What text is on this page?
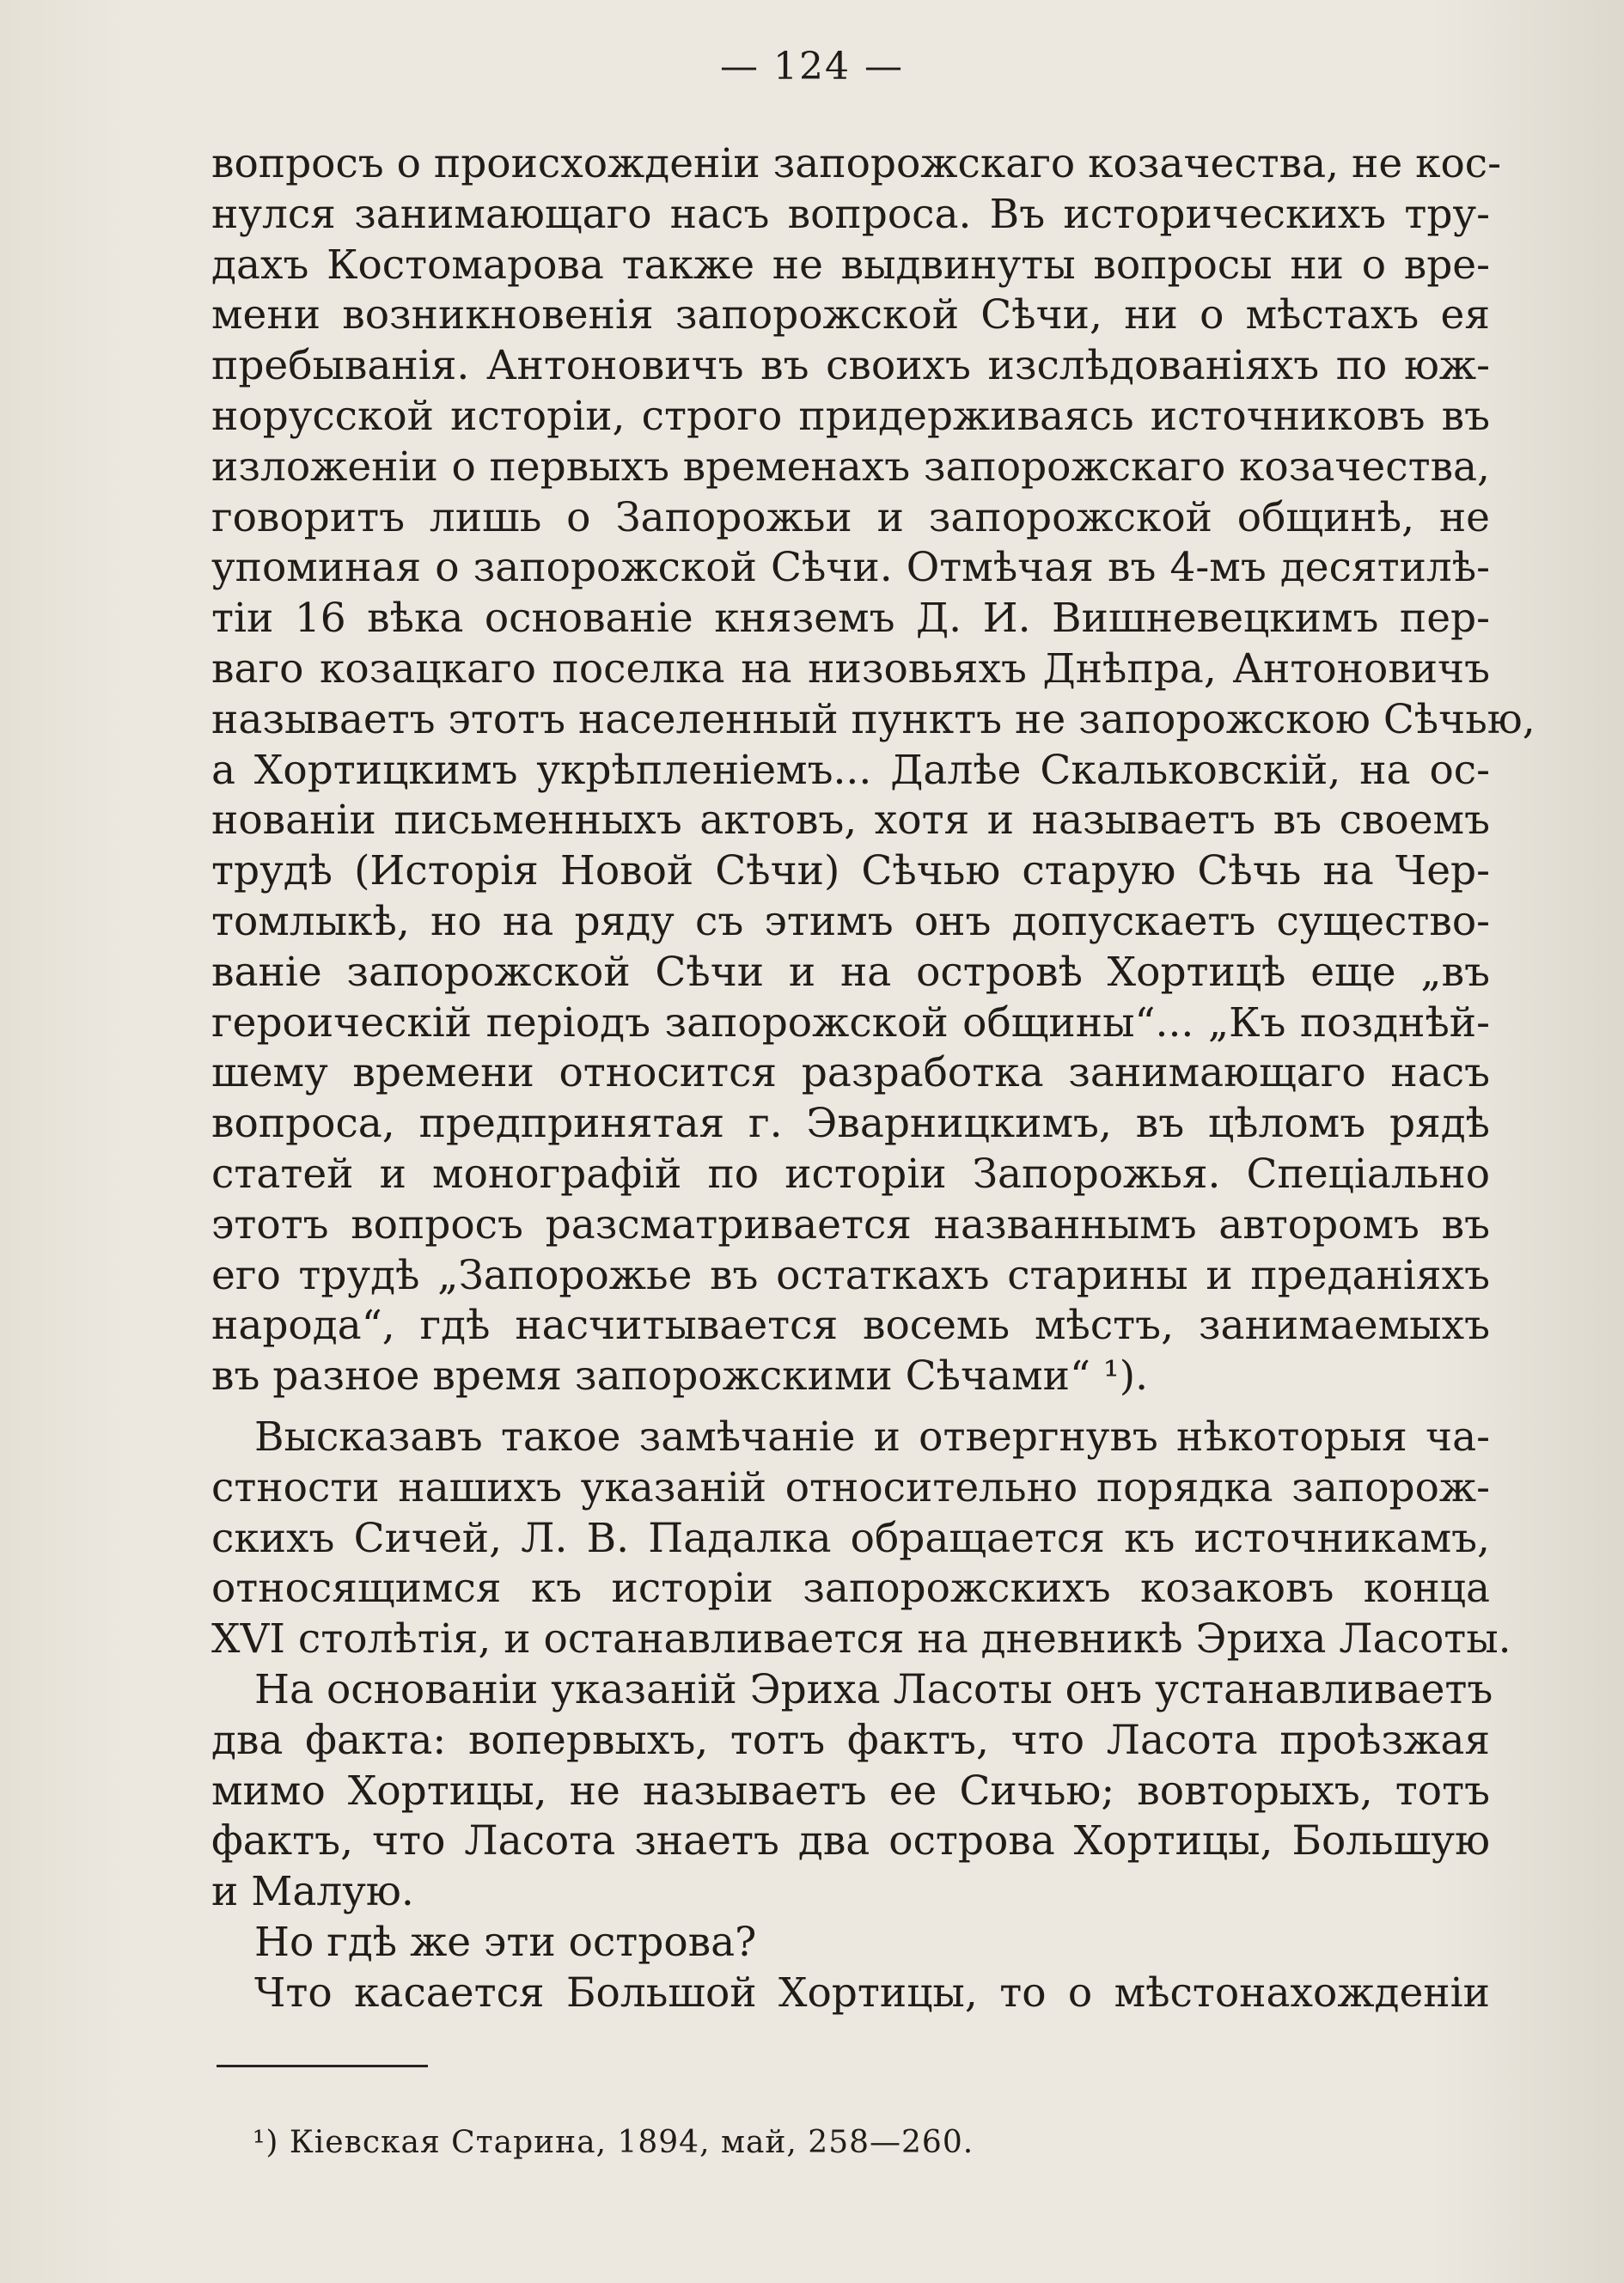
— 124 —
вопросъ о происхожденіи запорожскаго козачества, не кос-
нулся занимающаго насъ вопроса. Въ историческихъ тру-
дахъ Костомарова также не выдвинуты вопросы ни о вре-
мени возникновенія запорожской Сѣчи, ни о мѣстахъ ея
пребыванія. Антоновичъ въ своихъ изслѣдованіяхъ по юж-
норусской исторіи, строго придерживаясь источниковъ въ
изложеніи о первыхъ временахъ запорожскаго козачества,
говоритъ лишь о Запорожьи и запорожской общинѣ, не
упоминая о запорожской Сѣчи. Отмѣчая въ 4-мъ десятилѣ-
тіи 16 вѣка основаніе княземъ Д. И. Вишневецкимъ пер-
ваго козацкаго поселка на низовьяхъ Днѣпра, Антоновичъ
называетъ этотъ населенный пунктъ не запорожскою Сѣчью,
а Хортицкимъ укрѣпленіемъ... Далѣе Скальковскій, на ос-
нованіи письменныхъ актовъ, хотя и называетъ въ своемъ
трудѣ (Исторія Новой Сѣчи) Сѣчью старую Сѣчь на Чер-
томлыкѣ, но на ряду съ этимъ онъ допускаетъ существо-
ваніе запорожской Сѣчи и на островѣ Хортицѣ еще „въ
героическій періодъ запорожской общины“... „Къ позднѣй-
шему времени относится разработка занимающаго насъ
вопроса, предпринятая г. Эварницкимъ, въ цѣломъ рядѣ
статей и монографій по исторіи Запорожья. Спеціально
этотъ вопросъ разсматривается названнымъ авторомъ въ
его трудѣ „Запорожье въ остаткахъ старины и преданіяхъ
народа“, гдѣ насчитывается восемь мѣстъ, занимаемыхъ
въ разное время запорожскими Сѣчами“ ¹).
Высказавъ такое замѣчаніе и отвергнувъ нѣкоторыя ча-
стности нашихъ указаній относительно порядка запорож-
скихъ Сичей, Л. В. Падалка обращается къ источникамъ,
относящимся къ исторіи запорожскихъ козаковъ конца
XVI столѣтія, и останавливается на дневникѣ Эриха Ласоты.
На основаніи указаній Эриха Ласоты онъ устанавливаетъ
два факта: вопервыхъ, тотъ фактъ, что Ласота проѣзжая
мимо Хортицы, не называетъ ее Сичью; вовторыхъ, тотъ
фактъ, что Ласота знаетъ два острова Хортицы, Большую
и Малую.
Но гдѣ же эти острова?
Что касается Большой Хортицы, то о мѣстонахожденіи
¹) Кіевская Старина, 1894, май, 258—260.
